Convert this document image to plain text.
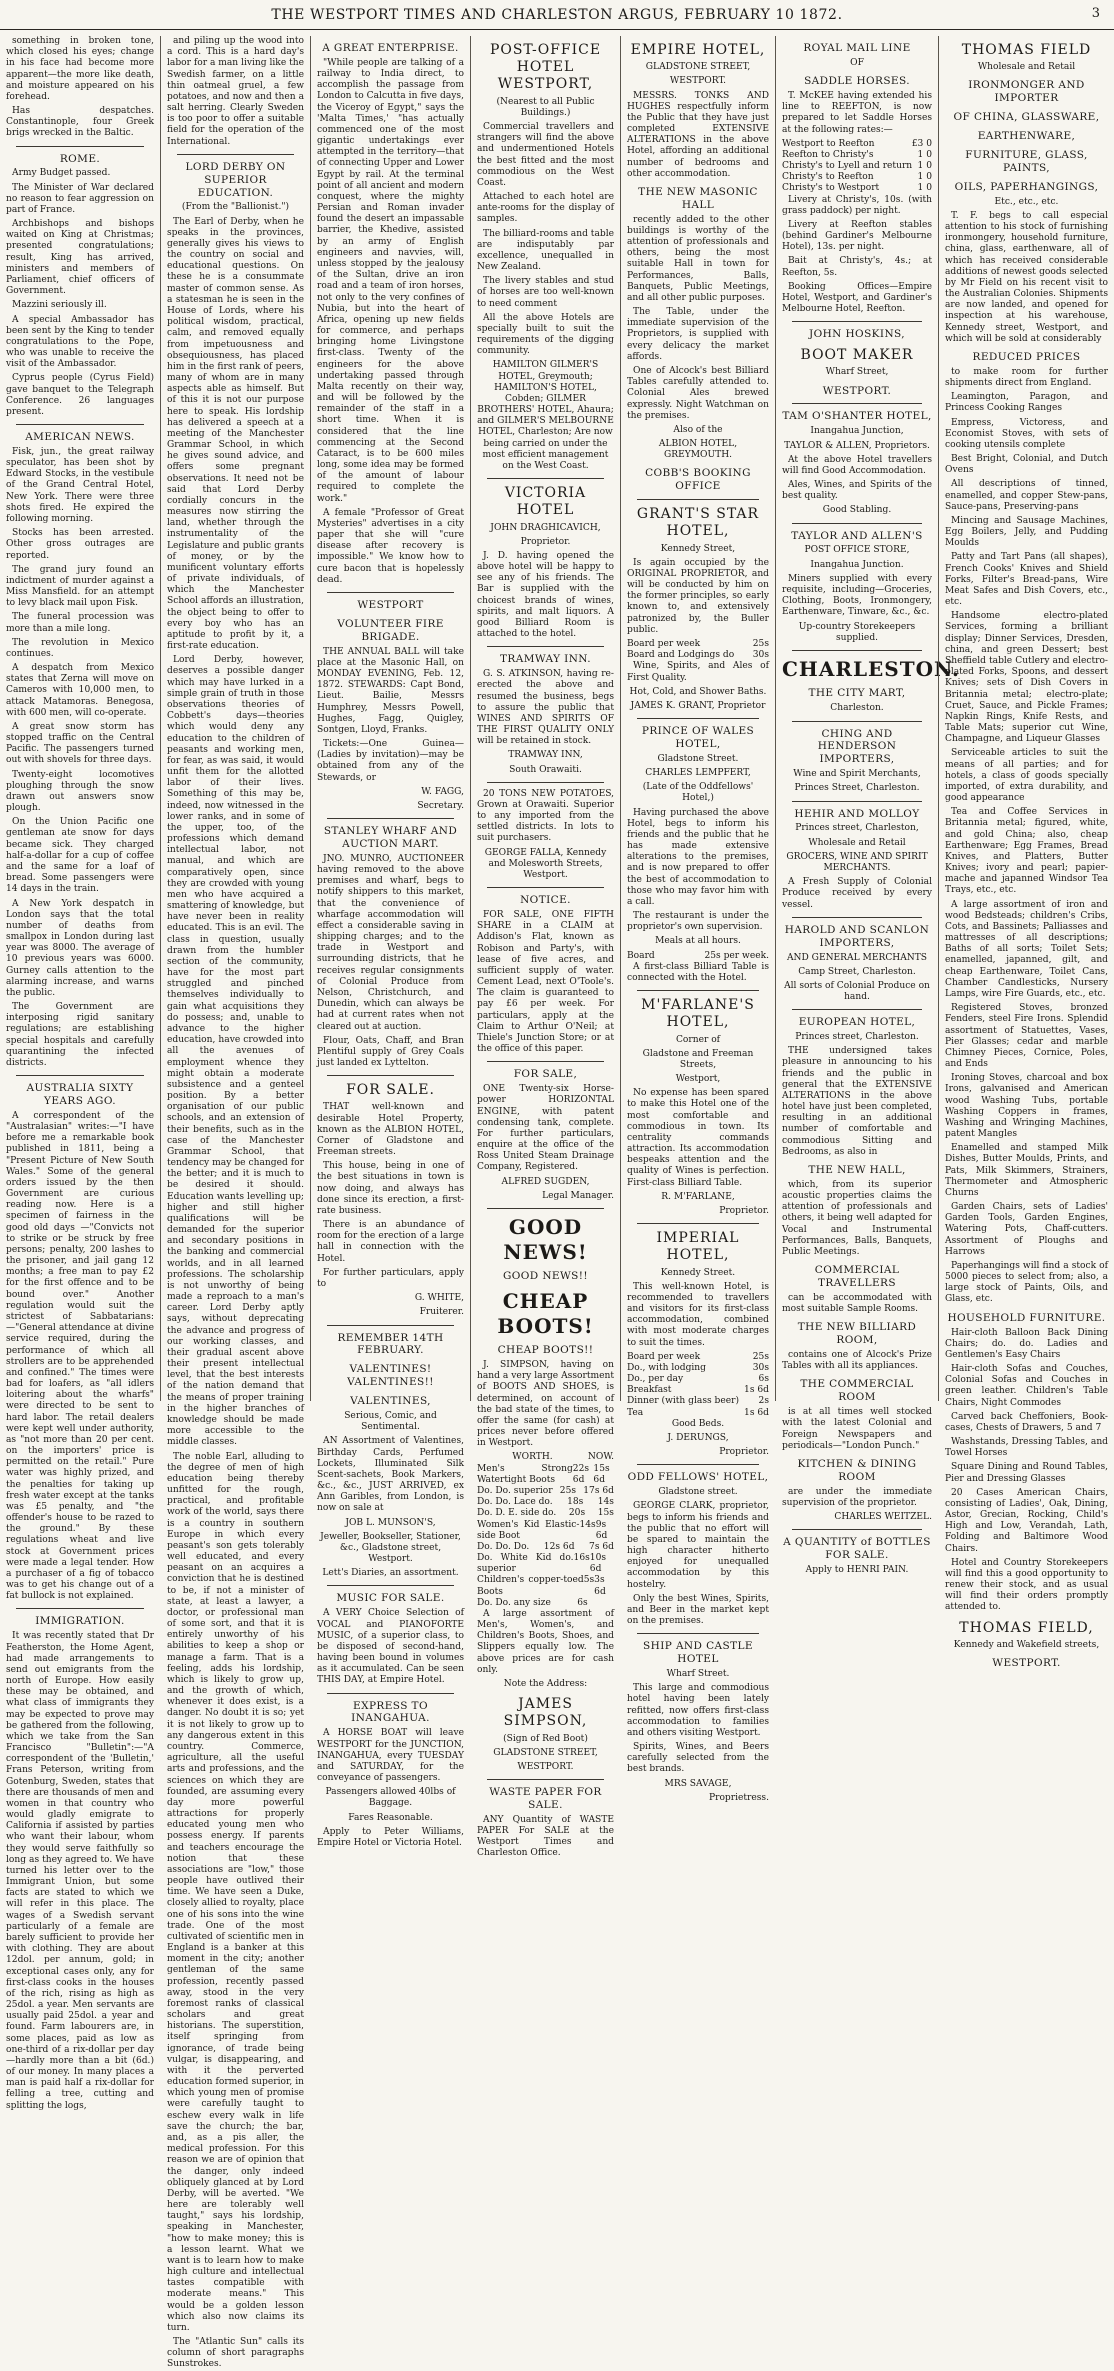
THE WESTPORT TIMES AND CHARLESTON ARGUS, FEBRUARY 10 1872.	3

something in broken tone, which closed his eyes; change in his face had become more apparent—the more like death, and moisture appeared on his forehead.

Has despatches. Constantinople, four Greek brigs wrecked in the Baltic.

ROME.

Army Budget passed.

The Minister of War declared no reason to fear aggression on part of France.

Archbishops and bishops waited on King at Christmas; presented congratulations; result, King has arrived, ministers and members of Parliament, chief officers of Government.

Mazzini seriously ill.

A special Ambassador has been sent by the King to tender congratulations to the Pope, who was unable to receive the visit of the Ambassador.

Cyprus people (Cyrus Field) gave banquet to the Telegraph Conference. 26 languages present.

AMERICAN NEWS.

Fisk, jun., the great railway speculator, has been shot by Edward Stocks, in the vestibule of the Grand Central Hotel, New York. There were three shots fired. He expired the following morning.

Stocks has been arrested. Other gross outrages are reported.

The grand jury found an indictment of murder against a Miss Mansfield. for an attempt to levy black mail upon Fisk.

The funeral procession was more than a mile long.

The revolution in Mexico continues.

A despatch from Mexico states that Zerna will move on Cameros with 10,000 men, to attack Matamoras. Benegosa, with 600 men, will co-operate.

A great snow storm has stopped traffic on the Central Pacific. The passengers turned out with shovels for three days.

Twenty-eight locomotives ploughing through the snow drawn out answers snow plough.

On the Union Pacific one gentleman ate snow for days became sick. They charged half-a-dollar for a cup of coffee and the same for a loaf of bread. Some passengers were 14 days in the train.

A New York despatch in London says that the total number of deaths from smallpox in London during last year was 8000. The average of 10 previous years was 6000. Gurney calls attention to the alarming increase, and warns the public.

The Government are interposing rigid sanitary regulations; are establishing special hospitals and carefully quarantining the infected districts.

AUSTRALIA SIXTY YEARS AGO.

A correspondent of the "Australasian" writes:—"I have before me a remarkable book published in 1811, being a "Present Picture of New South Wales." Some of the general orders issued by the then Government are curious reading now. Here is a specimen of fairness in the good old days —"Convicts not to strike or be struck by free persons; penalty, 200 lashes to the prisoner, and jail gang 12 months; a free man to pay £2 for the first offence and to be bound over." Another regulation would suit the strictest of Sabbatarians:—"General attendance at divine service required, during the performance of which all strollers are to be apprehended and confined." The times were bad for loafers, as "all idlers loitering about the wharfs" were directed to be sent to hard labor. The retail dealers were kept well under authority, as "not more than 20 per cent. on the importers' price is permitted on the retail." Pure water was highly prized, and the penalties for taking up fresh water except at the tanks was £5 penalty, and "the offender's house to be razed to the ground." By these regulations wheat and live stock at Government prices were made a legal tender. How a purchaser of a fig of tobacco was to get his change out of a fat bullock is not explained.

IMMIGRATION.

It was recently stated that Dr Featherston, the Home Agent, had made arrangements to send out emigrants from the north of Europe. How easily these may be obtained, and what class of immigrants they may be expected to prove may be gathered from the following, which we take from the San Francisco "Bulletin":—"A correspondent of the 'Bulletin,' Frans Peterson, writing from Gotenburg, Sweden, states that there are thousands of men and women in that country who would gladly emigrate to California if assisted by parties who want their labour, whom they would serve faithfully so long as they agreed to. We have turned his letter over to the Immigrant Union, but some facts are stated to which we will refer in this place. The wages of a Swedish servant particularly of a female are barely sufficient to provide her with clothing. They are about 12dol. per annum, gold; in exceptional cases only, any for first-class cooks in the houses of the rich, rising as high as 25dol. a year. Men servants are usually paid 25dol. a year and found. Farm labourers are, in some places, paid as low as one-third of a rix-dollar per day—hardly more than a bit (6d.) of our money. In many places a man is paid half a rix-dollar for felling a tree, cutting and splitting the logs,

and piling up the wood into a cord. This is a hard day's labor for a man living like the Swedish farmer, on a little thin oatmeal gruel, a few potatoes, and now and then a salt herring. Clearly Sweden is too poor to offer a suitable field for the operation of the International.

LORD DERBY ON SUPERIOR EDUCATION.

(From the "Ballionist.")

The Earl of Derby, when he speaks in the provinces, generally gives his views to the country on social and educational questions. On these he is a consummate master of common sense. As a statesman he is seen in the House of Lords, where his political wisdom, practical, calm, and removed equally from impetuousness and obsequiousness, has placed him in the first rank of peers, many of whom are in many aspects able as himself. But of this it is not our purpose here to speak. His lordship has delivered a speech at a meeting of the Manchester Grammar School, in which he gives sound advice, and offers some pregnant observations. It need not be said that Lord Derby cordially concurs in the measures now stirring the land, whether through the instrumentality of the Legislature and public grants of money, or by the munificent voluntary efforts of private individuals, of which the Manchester School affords an illustration, the object being to offer to every boy who has an aptitude to profit by it, a first-rate education.

Lord Derby, however, deserves a possible danger which may have lurked in a simple grain of truth in those observations theories of Cobbett's days—theories which would deny any education to the children of peasants and working men, for fear, as was said, it would unfit them for the allotted labor of their lives. Something of this may be, indeed, now witnessed in the lower ranks, and in some of the upper, too, of the professions which demand intellectual labor, not manual, and which are comparatively open, since they are crowded with young men who have acquired a smattering of knowledge, but have never been in reality educated. This is an evil. The class in question, usually drawn from the humbler section of the community, have for the most part struggled and pinched themselves individually to gain what acquisitions they do possess; and, unable to advance to the higher education, have crowded into all the avenues of employment whence they might obtain a moderate subsistence and a genteel position. By a better organisation of our public schools, and an extension of their benefits, such as in the case of the Manchester Grammar School, that tendency may be changed for the better; and it is much to be desired it should. Education wants levelling up; higher and still higher qualifications will be demanded for the superior and secondary positions in the banking and commercial worlds, and in all learned professions. The scholarship is not unworthy of being made a reproach to a man's career. Lord Derby aptly says, without deprecating the advance and progress of our working classes, and their gradual ascent above their present intellectual level, that the best interests of the nation demand that the means of proper training in the higher branches of knowledge should be made more accessible to the middle classes.

The noble Earl, alluding to the degree of men of high education being thereby unfitted for the rough, practical, and profitable work of the world, says there is a country in southern Europe in which every peasant's son gets tolerably well educated, and every peasant on an acquires a conviction that he is destined to be, if not a minister of state, at least a lawyer, a doctor, or professional man of some sort, and that it is entirely unworthy of his abilities to keep a shop or manage a farm. That is a feeling, adds his lordship, which is likely to grow up, and the growth of which, whenever it does exist, is a danger. No doubt it is so; yet it is not likely to grow up to any dangerous extent in this country. Commerce, agriculture, all the useful arts and professions, and the sciences on which they are founded, are assuming every day more powerful attractions for properly educated young men who possess energy. If parents and teachers encourage the notion that these associations are "low," those people have outlived their time. We have seen a Duke, closely allied to royalty, place one of his sons into the wine trade. One of the most cultivated of scientific men in England is a banker at this moment in the city; another gentleman of the same profession, recently passed away, stood in the very foremost ranks of classical scholars and great historians. The superstition, itself springing from ignorance, of trade being vulgar, is disappearing, and with it the perverted education formed superior, in which young men of promise were carefully taught to eschew every walk in life save the church; the bar, and, as a pis aller, the medical profession. For this reason we are of opinion that the danger, only indeed obliquely glanced at by Lord Derby, will be averted. "We here are tolerably well taught," says his lordship, speaking in Manchester, "how to make money; this is a lesson learnt. What we want is to learn how to make high culture and intellectual tastes compatible with moderate means." This would be a golden lesson which also now claims its turn.

The "Atlantic Sun" calls its column of short paragraphs Sunstrokes.

A GREAT ENTERPRISE.

"While people are talking of a railway to India direct, to accomplish the passage from London to Calcutta in five days, the Viceroy of Egypt," says the 'Malta Times,' "has actually commenced one of the most gigantic undertakings ever attempted in the territory—that of connecting Upper and Lower Egypt by rail. At the terminal point of all ancient and modern conquest, where the mighty Persian and Roman invader found the desert an impassable barrier, the Khedive, assisted by an army of English engineers and navvies, will, unless stopped by the jealousy of the Sultan, drive an iron road and a team of iron horses, not only to the very confines of Nubia, but into the heart of Africa, opening up new fields for commerce, and perhaps bringing home Livingstone first-class. Twenty of the engineers for the above undertaking passed through Malta recently on their way, and will be followed by the remainder of the staff in a short time. When it is considered that the line commencing at the Second Cataract, is to be 600 miles long, some idea may be formed of the amount of labour required to complete the work."

A female "Professor of Great Mysteries" advertises in a city paper that she will "cure disease after recovery is impossible." We know how to cure bacon that is hopelessly dead.

WESTPORT
VOLUNTEER FIRE BRIGADE.

THE ANNUAL BALL will take place at the Masonic Hall, on MONDAY EVENING, Feb. 12, 1872. STEWARDS: Capt Bond, Lieut. Bailie, Messrs Humphrey, Messrs Powell, Hughes, Fagg, Quigley, Sontgen, Lloyd, Franks.

Tickets:—One Guinea—(Ladies by invitation)—may be obtained from any of the Stewards, or

W. FAGG,

Secretary.

STANLEY WHARF AND AUCTION MART.

JNO. MUNRO, AUCTIONEER having removed to the above premises and wharf, begs to notify shippers to this market, that the convenience of wharfage accommodation will effect a considerable saving in shipping charges; and to the trade in Westport and surrounding districts, that he receives regular consignments of Colonial Produce from Nelson, Christchurch, and Dunedin, which can always be had at current rates when not cleared out at auction.

Flour, Oats, Chaff, and Bran Plentiful supply of Grey Coals just landed ex Lyttelton.

FOR SALE.

THAT well-known and desirable Hotel Property, known as the ALBION HOTEL, Corner of Gladstone and Freeman streets.

This house, being in one of the best situations in town is now doing, and always has done since its erection, a first-rate business.

There is an abundance of room for the erection of a large hall in connection with the Hotel.

For further particulars, apply to

G. WHITE,

Fruiterer.

REMEMBER 14TH FEBRUARY.
VALENTINES! VALENTINES!!
VALENTINES,

Serious, Comic, and Sentimental.

AN Assortment of Valentines, Birthday Cards, Perfumed Lockets, Illuminated Silk Scent-sachets, Book Markers, &c., &c., JUST ARRIVED, ex Ann Garibles, from London, is now on sale at

JOB L. MUNSON'S,

Jeweller, Bookseller, Stationer, &c., Gladstone street, Westport.

Lett's Diaries, an assortment.

MUSIC FOR SALE.

A VERY Choice Selection of VOCAL and PIANOFORTE MUSIC, of a superior class, to be disposed of second-hand, having been bound in volumes as it accumulated. Can be seen THIS DAY, at Empire Hotel.

EXPRESS TO INANGAHUA.

A HORSE BOAT will leave WESTPORT for the JUNCTION, INANGAHUA, every TUESDAY and SATURDAY, for the conveyance of passengers.

Passengers allowed 40lbs of Baggage.

Fares Reasonable.

Apply to Peter Williams, Empire Hotel or Victoria Hotel.

POST-OFFICE HOTEL WESTPORT,

(Nearest to all Public Buildings.)

Commercial travellers and strangers will find the above and undermentioned Hotels the best fitted and the most commodious on the West Coast.

Attached to each hotel are ante-rooms for the display of samples.

The billiard-rooms and table are indisputably par excellence, unequalled in New Zealand.

The livery stables and stud of horses are too well-known to need comment

All the above Hotels are specially built to suit the requirements of the digging community.

HAMILTON GILMER'S HOTEL, Greymouth; HAMILTON'S HOTEL, Cobden; GILMER BROTHERS' HOTEL, Ahaura; and GILMER'S MELBOURNE HOTEL, Charleston; Are now being carried on under the most efficient management on the West Coast.

VICTORIA HOTEL

JOHN DRAGHICAVICH,

Proprietor.

J. D. having opened the above hotel will be happy to see any of his friends. The Bar is supplied with the choicest brands of wines, spirits, and malt liquors. A good Billiard Room is attached to the hotel.

TRAMWAY INN.

G. S. ATKINSON, having re-erected the above and resumed the business, begs to assure the public that WINES AND SPIRITS OF THE FIRST QUALITY ONLY will be retained in stock.

TRAMWAY INN,

South Orawaiti.

20 TONS NEW POTATOES, Grown at Orawaiti. Superior to any imported from the settled districts. In lots to suit purchasers.

GEORGE FALLA, Kennedy and Molesworth Streets, Westport.

NOTICE.

FOR SALE, ONE FIFTH SHARE in a CLAIM at Addison's Flat, known as Robison and Party's, with lease of five acres, and sufficient supply of water. Cement Lead, next O'Toole's. The claim is guaranteed to pay £6 per week. For particulars, apply at the Claim to Arthur O'Neil; at Thiele's Junction Store; or at the office of this paper.

FOR SALE,

ONE Twenty-six Horse-power HORIZONTAL ENGINE, with patent condensing tank, complete. For further particulars, enquire at the office of the Ross United Steam Drainage Company, Registered.

ALFRED SUGDEN,

Legal Manager.

GOOD NEWS!
GOOD NEWS!!
CHEAP BOOTS!
CHEAP BOOTS!!

J. SIMPSON, having on hand a very large Assortment of BOOTS AND SHOES, is determined, on account of the bad state of the times, to offer the same (for cash) at prices never before offered in Westport.

WORTH.	NOW.
Men's Strong Watertight Boots
22s 6d
15s 6d
Do. Do. superior 25s 17s 6d
Do. Do. Lace do. 18s 14s
Do. D. E. side do. 20s 15s
Women's Kid Elastic-side Boot
14s 9s 6d
Do. Do. Do. 12s 6d 7s 6d
Do. White Kid do. superior
16s 10s 6d
Children's copper-toed Boots
5s 3s 6d
Do. Do. any size	6s

A large assortment of Men's, Women's, and Children's Boots, Shoes, and Slippers equally low. The above prices are for cash only.

Note the Address:

JAMES SIMPSON,

(Sign of Red Boot)

GLADSTONE STREET,

WESTPORT.

WASTE PAPER FOR SALE.

ANY Quantity of WASTE PAPER For SALE at the Westport Times and Charleston Office.

EMPIRE HOTEL,

GLADSTONE STREET,

WESTPORT.

MESSRS. TONKS AND HUGHES respectfully inform the Public that they have just completed EXTENSIVE ALTERATIONS in the above Hotel, affording an additional number of bedrooms and other accommodation.

THE NEW MASONIC HALL

recently added to the other buildings is worthy of the attention of professionals and others, being the most suitable Hall in town for Performances, Balls, Banquets, Public Meetings, and all other public purposes.

The Table, under the immediate supervision of the Proprietors, is supplied with every delicacy the market affords.

One of Alcock's best Billiard Tables carefully attended to. Colonial Ales brewed expressly. Night Watchman on the premises.

Also of the

ALBION HOTEL, GREYMOUTH.

COBB'S BOOKING OFFICE
GRANT'S STAR HOTEL,

Kennedy Street,

Is again occupied by the ORIGINAL PROPRIETOR, and will be conducted by him on the former principles, so early known to, and extensively patronized by, the Buller public.

Board per week	25s
Board and Lodgings do 30s

Wine, Spirits, and Ales of First Quality.

Hot, Cold, and Shower Baths.

JAMES K. GRANT, Proprietor

PRINCE OF WALES HOTEL,

Gladstone Street.

CHARLES LEMPFERT,

(Late of the Oddfellows' Hotel,)

Having purchased the above Hotel, begs to inform his friends and the public that he has made extensive alterations to the premises, and is now prepared to offer the best of accommodation to those who may favor him with a call.

The restaurant is under the proprietor's own supervision.

Meals at all hours.

Board	25s per week.

A first-class Billiard Table is connected with the Hotel.

M'FARLANE'S HOTEL,

Corner of

Gladstone and Freeman Streets,

Westport,

No expense has been spared to make this Hotel one of the most comfortable and commodious in town. Its centrality commands attraction. Its accommodation bespeaks attention and the quality of Wines is perfection. First-class Billiard Table.

R. M'FARLANE,

Proprietor.

IMPERIAL HOTEL,

Kennedy Street.

This well-known Hotel, is recommended to travellers and visitors for its first-class accommodation, combined with most moderate charges to suit the times.

Board per week	25s
Do., with lodging	30s
Do., per day	6s
Breakfast	1s 6d
Dinner (with glass beer) 2s
Tea	1s 6d

Good Beds.

J. DERUNGS,

Proprietor.

ODD FELLOWS' HOTEL,

Gladstone street.

GEORGE CLARK, proprietor, begs to inform his friends and the public that no effort will be spared to maintain the high character hitherto enjoyed for unequalled accommodation by this hostelry.

Only the best Wines, Spirits, and Beer in the market kept on the premises.

SHIP AND CASTLE HOTEL

Wharf Street.

This large and commodious hotel having been lately refitted, now offers first-class accommodation to families and others visiting Westport.

Spirits, Wines, and Beers carefully selected from the best brands.

MRS SAVAGE,

Proprietress.

ROYAL MAIL LINE

OF

SADDLE HORSES.

T. McKEE having extended his line to REEFTON, is now prepared to let Saddle Horses at the following rates:—

Westport to Reefton	£3 0
Reefton to Christy's	1 0
Christy's to Lyell and return 1 0
Christy's to Reefton	1 0
Christy's to Westport	1 0

Livery at Christy's, 10s. (with grass paddock) per night.

Livery at Reefton stables (behind Gardiner's Melbourne Hotel), 13s. per night.

Bait at Christy's, 4s.; at Reefton, 5s.

Booking Offices—Empire Hotel, Westport, and Gardiner's Melbourne Hotel, Reefton.

JOHN HOSKINS,
BOOT MAKER

Wharf Street,

WESTPORT.
TAM O'SHANTER HOTEL,

Inangahua Junction,

TAYLOR & ALLEN, Proprietors.

At the above Hotel travellers will find Good Accommodation.

Ales, Wines, and Spirits of the best quality.

Good Stabling.

TAYLOR AND ALLEN'S

POST OFFICE STORE,

Inangahua Junction.

Miners supplied with every requisite, including—Groceries, Clothing, Boots, Ironmongery, Earthenware, Tinware, &c., &c.

Up-country Storekeepers supplied.

CHARLESTON.
THE CITY MART,

Charleston.

CHING AND HENDERSON IMPORTERS,

Wine and Spirit Merchants,

Princes Street, Charleston.

HEHIR AND MOLLOY

Princes street, Charleston,

Wholesale and Retail

GROCERS, WINE AND SPIRIT MERCHANTS.

A Fresh Supply of Colonial Produce received by every vessel.

HAROLD AND SCANLON IMPORTERS,

AND GENERAL MERCHANTS

Camp Street, Charleston.

All sorts of Colonial Produce on hand.

EUROPEAN HOTEL,

Princes street, Charleston.

THE undersigned takes pleasure in announcing to his friends and the public in general that the EXTENSIVE ALTERATIONS in the above hotel have just been completed, resulting in an additional number of comfortable and commodious Sitting and Bedrooms, as also in

THE NEW HALL,

which, from its superior acoustic properties claims the attention of professionals and others, it being well adapted for Vocal and Instrumental Performances, Balls, Banquets, Public Meetings.

COMMERCIAL TRAVELLERS

can be accommodated with most suitable Sample Rooms.

THE NEW BILLIARD ROOM,

contains one of Alcock's Prize Tables with all its appliances.

THE COMMERCIAL ROOM

is at all times well stocked with the latest Colonial and Foreign Newspapers and periodicals—"London Punch."

KITCHEN & DINING ROOM

are under the immediate supervision of the proprietor.

CHARLES WEITZEL.

A QUANTITY of BOTTLES FOR SALE.

Apply to HENRI PAIN.

THOMAS FIELD

Wholesale and Retail

IRONMONGER AND IMPORTER
OF CHINA, GLASSWARE,
EARTHENWARE,
FURNITURE, GLASS, PAINTS,
OILS, PAPERHANGINGS,

Etc., etc., etc.

T. F. begs to call especial attention to his stock of furnishing ironmongery, household furniture, china, glass, earthenware, all of which has received considerable additions of newest goods selected by Mr Field on his recent visit to the Australian Colonies. Shipments are now landed, and opened for inspection at his warehouse, Kennedy street, Westport, and which will be sold at considerably

REDUCED PRICES

to make room for further shipments direct from England.

Leamington, Paragon, and Princess Cooking Ranges

Empress, Victoress, and Economist Stoves, with sets of cooking utensils complete

Best Bright, Colonial, and Dutch Ovens

All descriptions of tinned, enamelled, and copper Stew-pans, Sauce-pans, Preserving-pans

Mincing and Sausage Machines, Egg Boilers, Jelly, and Pudding Moulds

Patty and Tart Pans (all shapes), French Cooks' Knives and Shield Forks, Filter's Bread-pans, Wire Meat Safes and Dish Covers, etc., etc.

Handsome electro-plated Services, forming a brilliant display; Dinner Services, Dresden, china, and green Dessert; best Sheffield table Cutlery and electro-plated Forks, Spoons, and dessert Knives; sets of Dish Covers in Britannia metal; electro-plate; Cruet, Sauce, and Pickle Frames; Napkin Rings, Knife Rests, and Table Mats; superior cut Wine, Champagne, and Liqueur Glasses

Serviceable articles to suit the means of all parties; and for hotels, a class of goods specially imported, of extra durability, and good appearance

Tea and Coffee Services in Britannia metal; figured, white, and gold China; also, cheap Earthenware; Egg Frames, Bread Knives, and Platters, Butter Knives; ivory and pearl; papier-mache and japanned Windsor Tea Trays, etc., etc.

A large assortment of iron and wood Bedsteads; children's Cribs, Cots, and Bassinets; Palliasses and mattresses of all descriptions; Baths of all sorts; Toilet Sets; enamelled, japanned, gilt, and cheap Earthenware, Toilet Cans, Chamber Candlesticks, Nursery Lamps, wire Fire Guards, etc., etc.

Registered Stoves, bronzed Fenders, steel Fire Irons. Splendid assortment of Statuettes, Vases, Pier Glasses; cedar and marble Chimney Pieces, Cornice, Poles, and Ends

Ironing Stoves, charcoal and box Irons, galvanised and American wood Washing Tubs, portable Washing Coppers in frames, Washing and Wringing Machines, patent Mangles

Enamelled and stamped Milk Dishes, Butter Moulds, Prints, and Pats, Milk Skimmers, Strainers, Thermometer and Atmospheric Churns

Garden Chairs, sets of Ladies' Garden Tools, Garden Engines, Watering Pots, Chaff-cutters. Assortment of Ploughs and Harrows

Paperhangings will find a stock of 5000 pieces to select from; also, a large stock of Paints, Oils, and Glass, etc.

HOUSEHOLD FURNITURE.

Hair-cloth Balloon Back Dining Chairs; do. do. Ladies and Gentlemen's Easy Chairs

Hair-cloth Sofas and Couches, Colonial Sofas and Couches in green leather. Children's Table Chairs, Night Commodes

Carved back Cheffoniers, Book-cases, Chests of Drawers, 5 and 7

Washstands, Dressing Tables, and Towel Horses

Square Dining and Round Tables, Pier and Dressing Glasses

20 Cases American Chairs, consisting of Ladies', Oak, Dining, Astor, Grecian, Rocking, Child's High and Low, Verandah, Lath, Folding and Baltimore Wood Chairs.

Hotel and Country Storekeepers will find this a good opportunity to renew their stock, and as usual will find their orders promptly attended to.

THOMAS FIELD,

Kennedy and Wakefield streets,

WESTPORT.
